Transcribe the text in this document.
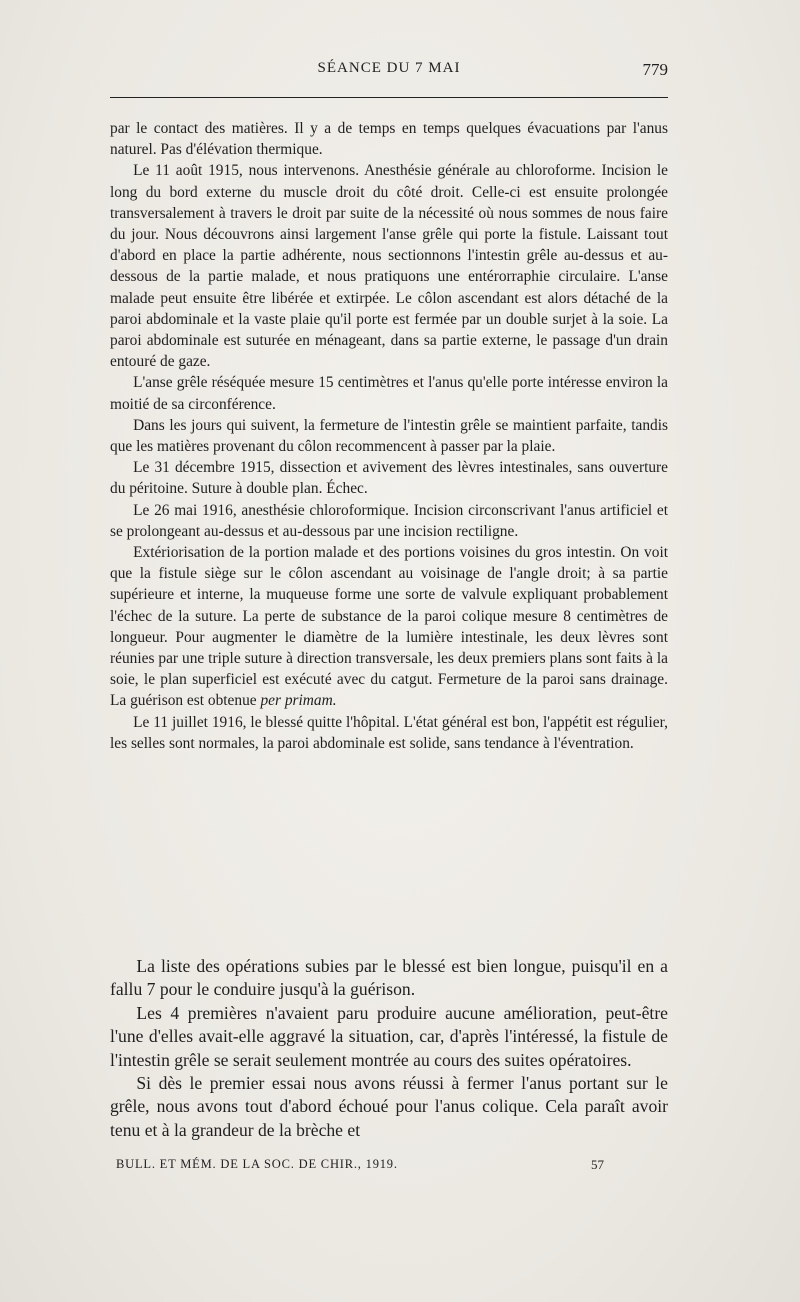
SÉANCE DU 7 MAI	779

par le contact des matières. Il y a de temps en temps quelques évacuations par l'anus naturel. Pas d'élévation thermique.

Le 11 août 1915, nous intervenons. Anesthésie générale au chloroforme. Incision le long du bord externe du muscle droit du côté droit. Celle-ci est ensuite prolongée transversalement à travers le droit par suite de la nécessité où nous sommes de nous faire du jour. Nous découvrons ainsi largement l'anse grêle qui porte la fistule. Laissant tout d'abord en place la partie adhérente, nous sectionnons l'intestin grêle au-dessus et au-dessous de la partie malade, et nous pratiquons une entérorraphie circulaire. L'anse malade peut ensuite être libérée et extirpée. Le côlon ascendant est alors détaché de la paroi abdominale et la vaste plaie qu'il porte est fermée par un double surjet à la soie. La paroi abdominale est suturée en ménageant, dans sa partie externe, le passage d'un drain entouré de gaze.

L'anse grêle réséquée mesure 15 centimètres et l'anus qu'elle porte intéresse environ la moitié de sa circonférence.

Dans les jours qui suivent, la fermeture de l'intestin grêle se maintient parfaite, tandis que les matières provenant du côlon recommencent à passer par la plaie.

Le 31 décembre 1915, dissection et avivement des lèvres intestinales, sans ouverture du péritoine. Suture à double plan. Échec.

Le 26 mai 1916, anesthésie chloroformique. Incision circonscrivant l'anus artificiel et se prolongeant au-dessus et au-dessous par une incision rectiligne.

Extériorisation de la portion malade et des portions voisines du gros intestin. On voit que la fistule siège sur le côlon ascendant au voisinage de l'angle droit; à sa partie supérieure et interne, la muqueuse forme une sorte de valvule expliquant probablement l'échec de la suture. La perte de substance de la paroi colique mesure 8 centimètres de longueur. Pour augmenter le diamètre de la lumière intestinale, les deux lèvres sont réunies par une triple suture à direction transversale, les deux premiers plans sont faits à la soie, le plan superficiel est exécuté avec du catgut. Fermeture de la paroi sans drainage. La guérison est obtenue per primam.

Le 11 juillet 1916, le blessé quitte l'hôpital. L'état général est bon, l'appétit est régulier, les selles sont normales, la paroi abdominale est solide, sans tendance à l'éventration.

La liste des opérations subies par le blessé est bien longue, puisqu'il en a fallu 7 pour le conduire jusqu'à la guérison.

Les 4 premières n'avaient paru produire aucune amélioration, peut-être l'une d'elles avait-elle aggravé la situation, car, d'après l'intéressé, la fistule de l'intestin grêle se serait seulement montrée au cours des suites opératoires.

Si dès le premier essai nous avons réussi à fermer l'anus portant sur le grêle, nous avons tout d'abord échoué pour l'anus colique. Cela paraît avoir tenu et à la grandeur de la brèche et

BULL. ET MÉM. DE LA SOC. DE CHIR., 1919.	57
